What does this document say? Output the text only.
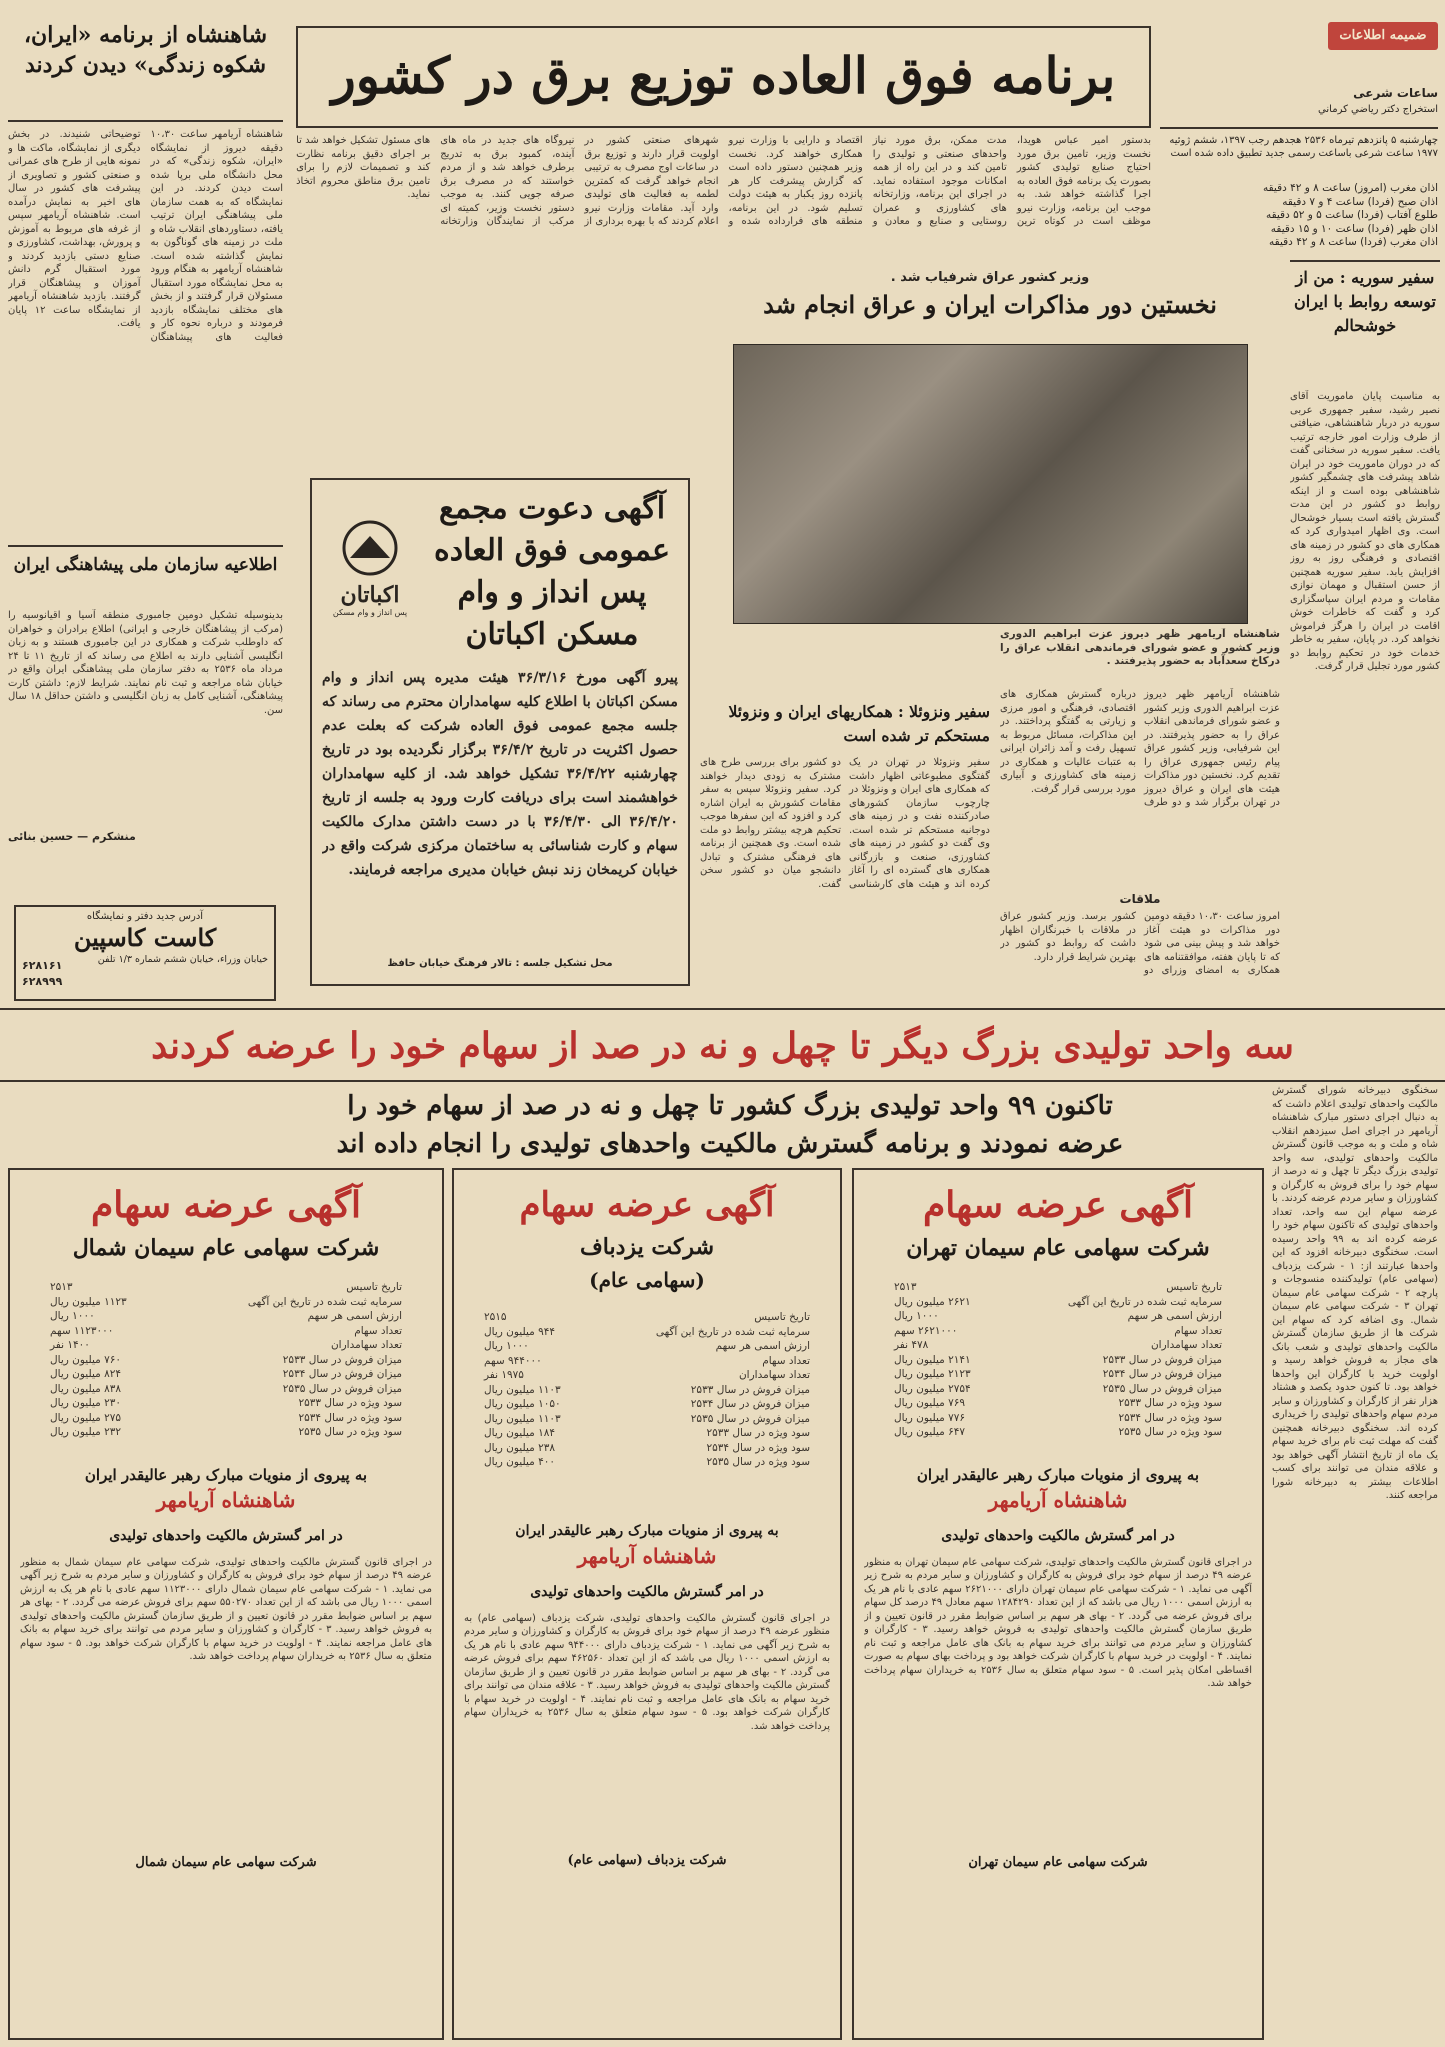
ضمیمه اطلاعات
ساعات شرعی
استخراج دکتر رياضي كرماني
چهارشنبه ۵ پانزدهم تیرماه ۲۵۳۶ هجدهم رجب ۱۳۹۷، ششم ژوئیه ۱۹۷۷ ساعت شرعی باساعت رسمی جدید تطبیق داده شده است
اذان مغرب (امروز) ساعت ۸ و ۴۲ دقیقه
اذان صبح (فردا) ساعت ۴ و ۷ دقیقه
طلوع آفتاب (فردا) ساعت ۵ و ۵۲ دقیقه
اذان ظهر (فردا) ساعت ۱۰ و ۱۵ دقیقه
اذان مغرب (فردا) ساعت ۸ و ۴۲ دقیقه
شاهنشاه از برنامه «ایران، شکوه زندگی» دیدن کردند
شاهنشاه آریامهر ساعت ۱۰،۳۰ دقیقه دیروز از نمایشگاه «ایران، شکوه زندگی» که در محل دانشگاه ملی برپا شده است دیدن کردند. در این نمایشگاه که به همت سازمان ملی پیشاهنگی ایران ترتیب یافته، دستاوردهای انقلاب شاه و ملت در زمینه های گوناگون به نمایش گذاشته شده است. شاهنشاه آریامهر به هنگام ورود به محل نمایشگاه مورد استقبال مسئولان قرار گرفتند و از بخش های مختلف نمایشگاه بازدید فرمودند و درباره نحوه کار و فعالیت های پیشاهنگان توضیحاتی شنیدند. در بخش دیگری از نمایشگاه، ماکت ها و نمونه هایی از طرح های عمرانی و صنعتی کشور و تصاویری از پیشرفت های کشور در سال های اخیر به نمایش درآمده است. شاهنشاه آریامهر سپس از غرفه های مربوط به آموزش و پرورش، بهداشت، کشاورزی و صنایع دستی بازدید کردند و مورد استقبال گرم دانش آموزان و پیشاهنگان قرار گرفتند. بازدید شاهنشاه آریامهر از نمایشگاه ساعت ۱۲ پایان یافت.
اطلاعیه سازمان ملی پیشاهنگی ایران
بدینوسیله تشکیل دومین جامبوری منطقه آسیا و اقیانوسیه را (مرکب از پیشاهنگان خارجی و ایرانی) اطلاع برادران و خواهران که داوطلب شرکت و همکاری در این جامبوری هستند و به زبان انگلیسی آشنایی دارند به اطلاع می رساند که از تاریخ ۱۱ تا ۲۴ مرداد ماه ۲۵۳۶ به دفتر سازمان ملی پیشاهنگی ایران واقع در خیابان شاه مراجعه و ثبت نام نمایند. شرایط لازم: داشتن کارت پیشاهنگی، آشنایی کامل به زبان انگلیسی و داشتن حداقل ۱۸ سال سن.
منشکرم — حسین بنائی
آدرس جدید دفتر و نمایشگاه
کاست کاسپین
خیابان وزراء، خیابان ششم شماره ۱/۳ تلفن
۶۲۸۱۶۱
۶۲۸۹۹۹
برنامه فوق العاده توزیع برق در کشور
بدستور امیر عباس هویدا، نخست وزیر، تامین برق مورد احتیاج صنایع تولیدی کشور بصورت یک برنامه فوق العاده به اجرا گذاشته خواهد شد. به موجب این برنامه، وزارت نیرو موظف است در کوتاه ترین مدت ممکن، برق مورد نیاز واحدهای صنعتی و تولیدی را تامین کند و در این راه از همه امکانات موجود استفاده نماید. در اجرای این برنامه، وزارتخانه های کشاورزی و عمران روستایی و صنایع و معادن و اقتصاد و دارایی با وزارت نیرو همکاری خواهند کرد. نخست وزیر همچنین دستور داده است که گزارش پیشرفت کار هر پانزده روز یکبار به هیئت دولت تسلیم شود. در این برنامه، منطقه های فرارداده شده و شهرهای صنعتی کشور در اولویت قرار دارند و توزیع برق در ساعات اوج مصرف به ترتیبی انجام خواهد گرفت که کمترین لطمه به فعالیت های تولیدی وارد آید. مقامات وزارت نیرو اعلام کردند که با بهره برداری از نیروگاه های جدید در ماه های آینده، کمبود برق به تدریج برطرف خواهد شد و از مردم خواستند که در مصرف برق صرفه جویی کنند. به موجب دستور نخست وزیر، کمیته ای مرکب از نمایندگان وزارتخانه های مسئول تشکیل خواهد شد تا بر اجرای دقیق برنامه نظارت کند و تصمیمات لازم را برای تامین برق مناطق محروم اتخاذ نماید.
وزیر کشور عراق شرفیاب شد .
نخستین دور مذاکرات ایران و عراق انجام شد
شاهنشاه آریامهر ظهر دیروز عزت ابراهیم الدوری وزیر کشور و عضو شورای فرماندهی انقلاب عراق را درکاخ سعدآباد به حضور پذیرفتند .
شاهنشاه آریامهر ظهر دیروز عزت ابراهیم الدوری وزیر کشور و عضو شورای فرماندهی انقلاب عراق را به حضور پذیرفتند. در این شرفیابی، وزیر کشور عراق پیام رئیس جمهوری عراق را تقدیم کرد. نخستین دور مذاکرات هیئت های ایران و عراق دیروز در تهران برگزار شد و دو طرف درباره گسترش همکاری های اقتصادی، فرهنگی و امور مرزی و زیارتی به گفتگو پرداختند. در این مذاکرات، مسائل مربوط به تسهیل رفت و آمد زائران ایرانی به عتبات عالیات و همکاری در زمینه های کشاورزی و آبیاری مورد بررسی قرار گرفت.
ملاقات
امروز ساعت ۱۰،۳۰ دقیقه دومین دور مذاکرات دو هیئت آغاز خواهد شد و پیش بینی می شود که تا پایان هفته، موافقتنامه های همکاری به امضای وزرای دو کشور برسد. وزیر کشور عراق در ملاقات با خبرنگاران اظهار داشت که روابط دو کشور در بهترین شرایط قرار دارد.
سفیر سوریه : من از توسعه روابط با ایران خوشحالم
به مناسبت پایان ماموریت آقای نصیر رشید، سفیر جمهوری عربی سوریه در دربار شاهنشاهی، ضیافتی از طرف وزارت امور خارجه ترتیب یافت. سفیر سوریه در سخنانی گفت که در دوران ماموریت خود در ایران شاهد پیشرفت های چشمگیر کشور شاهنشاهی بوده است و از اینکه روابط دو کشور در این مدت گسترش یافته است بسیار خوشحال است. وی اظهار امیدواری کرد که همکاری های دو کشور در زمینه های اقتصادی و فرهنگی روز به روز افزایش یابد. سفیر سوریه همچنین از حسن استقبال و مهمان نوازی مقامات و مردم ایران سپاسگزاری کرد و گفت که خاطرات خوش اقامت در ایران را هرگز فراموش نخواهد کرد. در پایان، سفیر به خاطر خدمات خود در تحکیم روابط دو کشور مورد تجلیل قرار گرفت.
سفیر ونزوئلا : همکاریهای ایران و ونزوئلا مستحکم تر شده است
سفیر ونزوئلا در تهران در یک گفتگوی مطبوعاتی اظهار داشت که همکاری های ایران و ونزوئلا در چارچوب سازمان کشورهای صادرکننده نفت و در زمینه های دوجانبه مستحکم تر شده است. وی گفت دو کشور در زمینه های کشاورزی، صنعت و بازرگانی همکاری های گسترده ای را آغاز کرده اند و هیئت های کارشناسی دو کشور برای بررسی طرح های مشترک به زودی دیدار خواهند کرد. سفیر ونزوئلا سپس به سفر مقامات کشورش به ایران اشاره کرد و افزود که این سفرها موجب تحکیم هرچه بیشتر روابط دو ملت شده است. وی همچنین از برنامه های فرهنگی مشترک و تبادل دانشجو میان دو کشور سخن گفت.
آگهی دعوت مجمع عمومی فوق العاده پس انداز و وام مسکن اکباتان
اکباتان
پس انداز و وام مسکن
پیرو آگهی مورخ ۳۶/۳/۱۶ هیئت مدیره پس انداز و وام مسکن اکباتان با اطلاع کلیه سهامداران محترم می رساند که جلسه مجمع عمومی فوق العاده شرکت که بعلت عدم حصول اکثریت در تاریخ ۳۶/۴/۲ برگزار نگردیده بود در تاریخ چهارشنبه ۳۶/۴/۲۲ تشکیل خواهد شد. از کلیه سهامداران خواهشمند است برای دریافت کارت ورود به جلسه از تاریخ ۳۶/۴/۲۰ الی ۳۶/۴/۳۰ با در دست داشتن مدارک مالکیت سهام و کارت شناسائی به ساختمان مرکزی شرکت واقع در خیابان کریمخان زند نبش خیابان مدیری مراجعه فرمایند.
محل تشکیل جلسه : تالار فرهنگ خیابان حافظ
سه واحد تولیدی بزرگ دیگر تا چهل و نه در صد از سهام خود را عرضه کردند
تاکنون ۹۹ واحد تولیدی بزرگ کشور تا چهل و نه در صد از سهام خود را
عرضه نمودند و برنامه گسترش مالکیت واحدهای تولیدی را انجام داده اند
سخنگوی دبیرخانه شورای گسترش مالکیت واحدهای تولیدی اعلام داشت که به دنبال اجرای دستور مبارک شاهنشاه آریامهر در اجرای اصل سیزدهم انقلاب شاه و ملت و به موجب قانون گسترش مالکیت واحدهای تولیدی، سه واحد تولیدی بزرگ دیگر تا چهل و نه درصد از سهام خود را برای فروش به کارگران و کشاورزان و سایر مردم عرضه کردند. با عرضه سهام این سه واحد، تعداد واحدهای تولیدی که تاکنون سهام خود را عرضه کرده اند به ۹۹ واحد رسیده است. سخنگوی دبیرخانه افزود که این واحدها عبارتند از: ۱ - شرکت یزدباف (سهامی عام) تولیدکننده منسوجات و پارچه ۲ - شرکت سهامی عام سیمان تهران ۳ - شرکت سهامی عام سیمان شمال. وی اضافه کرد که سهام این شرکت ها از طریق سازمان گسترش مالکیت واحدهای تولیدی و شعب بانک های مجاز به فروش خواهد رسید و اولویت خرید با کارگران این واحدها خواهد بود. تا کنون حدود یکصد و هشتاد هزار نفر از کارگران و کشاورزان و سایر مردم سهام واحدهای تولیدی را خریداری کرده اند. سخنگوی دبیرخانه همچنین گفت که مهلت ثبت نام برای خرید سهام یک ماه از تاریخ انتشار آگهی خواهد بود و علاقه مندان می توانند برای کسب اطلاعات بیشتر به دبیرخانه شورا مراجعه کنند.
آگهی عرضه سهام
شرکت سهامی عام سیمان تهران
تاریخ تاسیس
۲۵۱۳
سرمایه ثبت شده در تاریخ این آگهی
۲۶۲۱ میلیون ریال
ارزش اسمی هر سهم
۱۰۰۰ ریال
تعداد سهام
۲۶۲۱۰۰۰ سهم
تعداد سهامداران
۴۷۸ نفر
میزان فروش در سال ۲۵۳۳
۲۱۴۱ میلیون ریال
میزان فروش در سال ۲۵۳۴
۲۱۲۳ میلیون ریال
میزان فروش در سال ۲۵۳۵
۲۷۵۴ میلیون ریال
سود ویژه در سال ۲۵۳۳
۷۶۹ میلیون ریال
سود ویژه در سال ۲۵۳۴
۷۷۶ میلیون ریال
سود ویژه در سال ۲۵۳۵
۶۴۷ میلیون ریال
به پیروی از منویات مبارک رهبر عالیقدر ایران
شاهنشاه آریامهر
در امر گسترش مالکیت واحدهای تولیدی
در اجرای قانون گسترش مالکیت واحدهای تولیدی، شرکت سهامی عام سیمان تهران به منظور عرضه ۴۹ درصد از سهام خود برای فروش به کارگران و کشاورزان و سایر مردم به شرح زیر آگهی می نماید. ۱ - شرکت سهامی عام سیمان تهران دارای ۲۶۲۱۰۰۰ سهم عادی با نام هر یک به ارزش اسمی ۱۰۰۰ ریال می باشد که از این تعداد ۱۲۸۴۲۹۰ سهم معادل ۴۹ درصد کل سهام برای فروش عرضه می گردد. ۲ - بهای هر سهم بر اساس ضوابط مقرر در قانون تعیین و از طریق سازمان گسترش مالکیت واحدهای تولیدی به فروش خواهد رسید. ۳ - کارگران و کشاورزان و سایر مردم می توانند برای خرید سهام به بانک های عامل مراجعه و ثبت نام نمایند. ۴ - اولویت در خرید سهام با کارگران شرکت خواهد بود و پرداخت بهای سهام به صورت اقساطی امکان پذیر است. ۵ - سود سهام متعلق به سال ۲۵۳۶ به خریداران سهام پرداخت خواهد شد.
شرکت سهامی عام سیمان تهران
آگهی عرضه سهام
شرکت یزدباف
(سهامی عام)
تاریخ تاسیس
۲۵۱۵
سرمایه ثبت شده در تاریخ این آگهی
۹۴۴ میلیون ریال
ارزش اسمی هر سهم
۱۰۰۰ ریال
تعداد سهام
۹۴۴۰۰۰ سهم
تعداد سهامداران
۱۹۷۵ نفر
میزان فروش در سال ۲۵۳۳
۱۱۰۳ میلیون ریال
میزان فروش در سال ۲۵۳۴
۱۰۵۰ میلیون ریال
میزان فروش در سال ۲۵۳۵
۱۱۰۳ میلیون ریال
سود ویژه در سال ۲۵۳۳
۱۸۴ میلیون ریال
سود ویژه در سال ۲۵۳۴
۲۳۸ میلیون ریال
سود ویژه در سال ۲۵۳۵
۴۰۰ میلیون ریال
به پیروی از منویات مبارک رهبر عالیقدر ایران
شاهنشاه آریامهر
در امر گسترش مالکیت واحدهای تولیدی
در اجرای قانون گسترش مالکیت واحدهای تولیدی، شرکت یزدباف (سهامی عام) به منظور عرضه ۴۹ درصد از سهام خود برای فروش به کارگران و کشاورزان و سایر مردم به شرح زیر آگهی می نماید. ۱ - شرکت یزدباف دارای ۹۴۴۰۰۰ سهم عادی با نام هر یک به ارزش اسمی ۱۰۰۰ ریال می باشد که از این تعداد ۴۶۲۵۶۰ سهم برای فروش عرضه می گردد. ۲ - بهای هر سهم بر اساس ضوابط مقرر در قانون تعیین و از طریق سازمان گسترش مالکیت واحدهای تولیدی به فروش خواهد رسید. ۳ - علاقه مندان می توانند برای خرید سهام به بانک های عامل مراجعه و ثبت نام نمایند. ۴ - اولویت در خرید سهام با کارگران شرکت خواهد بود. ۵ - سود سهام متعلق به سال ۲۵۳۶ به خریداران سهام پرداخت خواهد شد.
شرکت یزدباف (سهامی عام)
آگهی عرضه سهام
شرکت سهامی عام سیمان شمال
تاریخ تاسیس
۲۵۱۳
سرمایه ثبت شده در تاریخ این آگهی
۱۱۲۳ میلیون ریال
ارزش اسمی هر سهم
۱۰۰۰ ریال
تعداد سهام
۱۱۲۳۰۰۰ سهم
تعداد سهامداران
۱۴۰۰ نفر
میزان فروش در سال ۲۵۳۳
۷۶۰ میلیون ریال
میزان فروش در سال ۲۵۳۴
۸۲۴ میلیون ریال
میزان فروش در سال ۲۵۳۵
۸۳۸ میلیون ریال
سود ویژه در سال ۲۵۳۳
۲۳۰ میلیون ریال
سود ویژه در سال ۲۵۳۴
۲۷۵ میلیون ریال
سود ویژه در سال ۲۵۳۵
۲۳۲ میلیون ریال
به پیروی از منویات مبارک رهبر عالیقدر ایران
شاهنشاه آریامهر
در امر گسترش مالکیت واحدهای تولیدی
در اجرای قانون گسترش مالکیت واحدهای تولیدی، شرکت سهامی عام سیمان شمال به منظور عرضه ۴۹ درصد از سهام خود برای فروش به کارگران و کشاورزان و سایر مردم به شرح زیر آگهی می نماید. ۱ - شرکت سهامی عام سیمان شمال دارای ۱۱۲۳۰۰۰ سهم عادی با نام هر یک به ارزش اسمی ۱۰۰۰ ریال می باشد که از این تعداد ۵۵۰۲۷۰ سهم برای فروش عرضه می گردد. ۲ - بهای هر سهم بر اساس ضوابط مقرر در قانون تعیین و از طریق سازمان گسترش مالکیت واحدهای تولیدی به فروش خواهد رسید. ۳ - کارگران و کشاورزان و سایر مردم می توانند برای خرید سهام به بانک های عامل مراجعه نمایند. ۴ - اولویت در خرید سهام با کارگران شرکت خواهد بود. ۵ - سود سهام متعلق به سال ۲۵۳۶ به خریداران سهام پرداخت خواهد شد.
شرکت سهامی عام سیمان شمال
